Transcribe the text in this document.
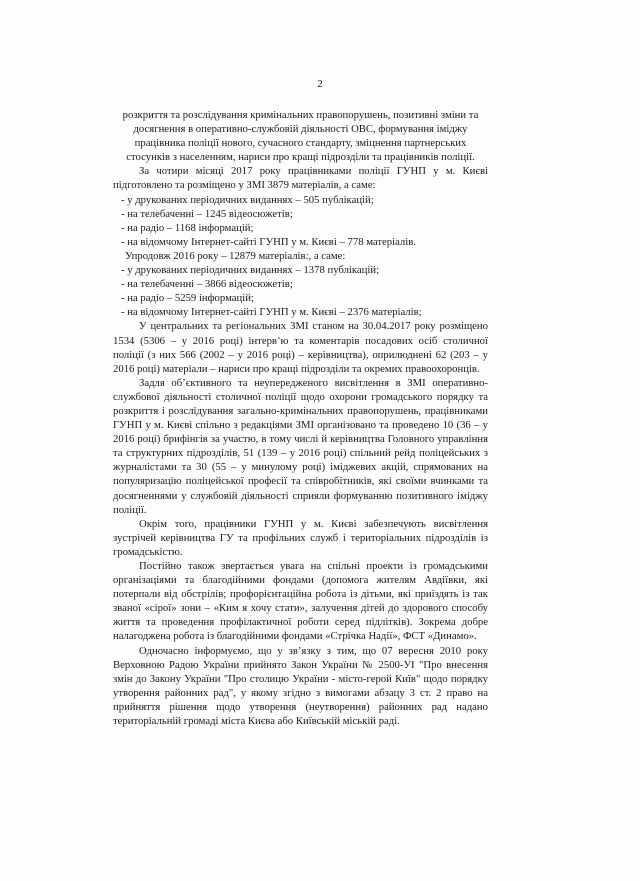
2

розкриття та розслідування кримінальних правопорушень, позитивні зміни та досягнення в оперативно-службовій діяльності ОВС, формування іміджу працівника поліції нового, сучасного стандарту, зміцнення партнерських стосунків з населенням, нариси про кращі підрозділи та працівників поліції.

За чотири місяці 2017 року працівниками поліції ГУНП у м. Києві підготовлено та розміщено у ЗМІ 3879 матеріалів, а саме:

- у друкованих періодичних виданнях – 505 публікацій;

- на телебаченні – 1245 відеосюжетів;

- на радіо – 1168 інформацій;

- на відомчому Інтернет-сайті ГУНП у м. Києві – 778 матеріалів.

Упродовж 2016 року – 12879 матеріалів:, а саме:

- у друкованих періодичних виданнях – 1378 публікацій;

- на телебаченні – 3866 відеосюжетів;

- на радіо – 5259 інформацій;

- на відомчому Інтернет-сайті ГУНП у м. Києві – 2376 матеріалів;

У центральних та регіональних ЗМІ станом на 30.04.2017 року розміщено 1534 (5306 – у 2016 році) інтерв’ю та коментарів посадових осіб столичної поліції (з них 566 (2002 – у 2016 році) – керівництва), оприлюднені 62 (203 – у 2016 році) матеріали – нариси про кращі підрозділи та окремих правоохоронців.

Задля об’єктивного та неупередженого висвітлення в ЗМІ оперативно-службової діяльності столичної поліції щодо охорони громадського порядку та розкриття і розслідування загально-кримінальних правопорушень, працівниками ГУНП у м. Києві спільно з редакціями ЗМІ організовано та проведено 10 (36 – у 2016 році) брифінгів за участю, в тому числі й керівництва Головного управління та структурних підрозділів, 51 (139 – у 2016 році) спільний рейд поліцейських з журналістами та 30 (55 – у минулому році) іміджевих акцій, спрямованих на популяризацію поліцейської професії та співробітників, які своїми вчинками та досягненнями у службовій діяльності сприяли формуванню позитивного іміджу поліції.

Окрім того, працівники ГУНП у м. Києві забезпечують висвітлення зустрічей керівництва ГУ та профільних служб і територіальних підрозділів із громадськістю.

Постійно також звертається увага на спільні проекти із громадськими організаціями та благодійними фондами (допомога жителям Авдіївки, які потерпали від обстрілів; профорієнтаційна робота із дітьми, які приїздять із так званої «сірої» зони – «Ким я хочу стати», залучення дітей до здорового способу життя та проведення профілактичної роботи серед підлітків). Зокрема добре налагоджена робота із благодійними фондами «Стрічка Надії», ФСТ «Динамо».

Одночасно інформуємо, що у зв’язку з тим, що 07 вересня 2010 року Верховною Радою України прийнято Закон України № 2500-УІ "Про внесення змін до Закону України "Про столицю України - місто-герой Київ" щодо порядку утворення районних рад", у якому згідно з вимогами абзацу 3 ст. 2 право на прийняття рішення щодо утворення (неутворення) районних рад надано територіальній громаді міста Києва або Київській міській раді.
